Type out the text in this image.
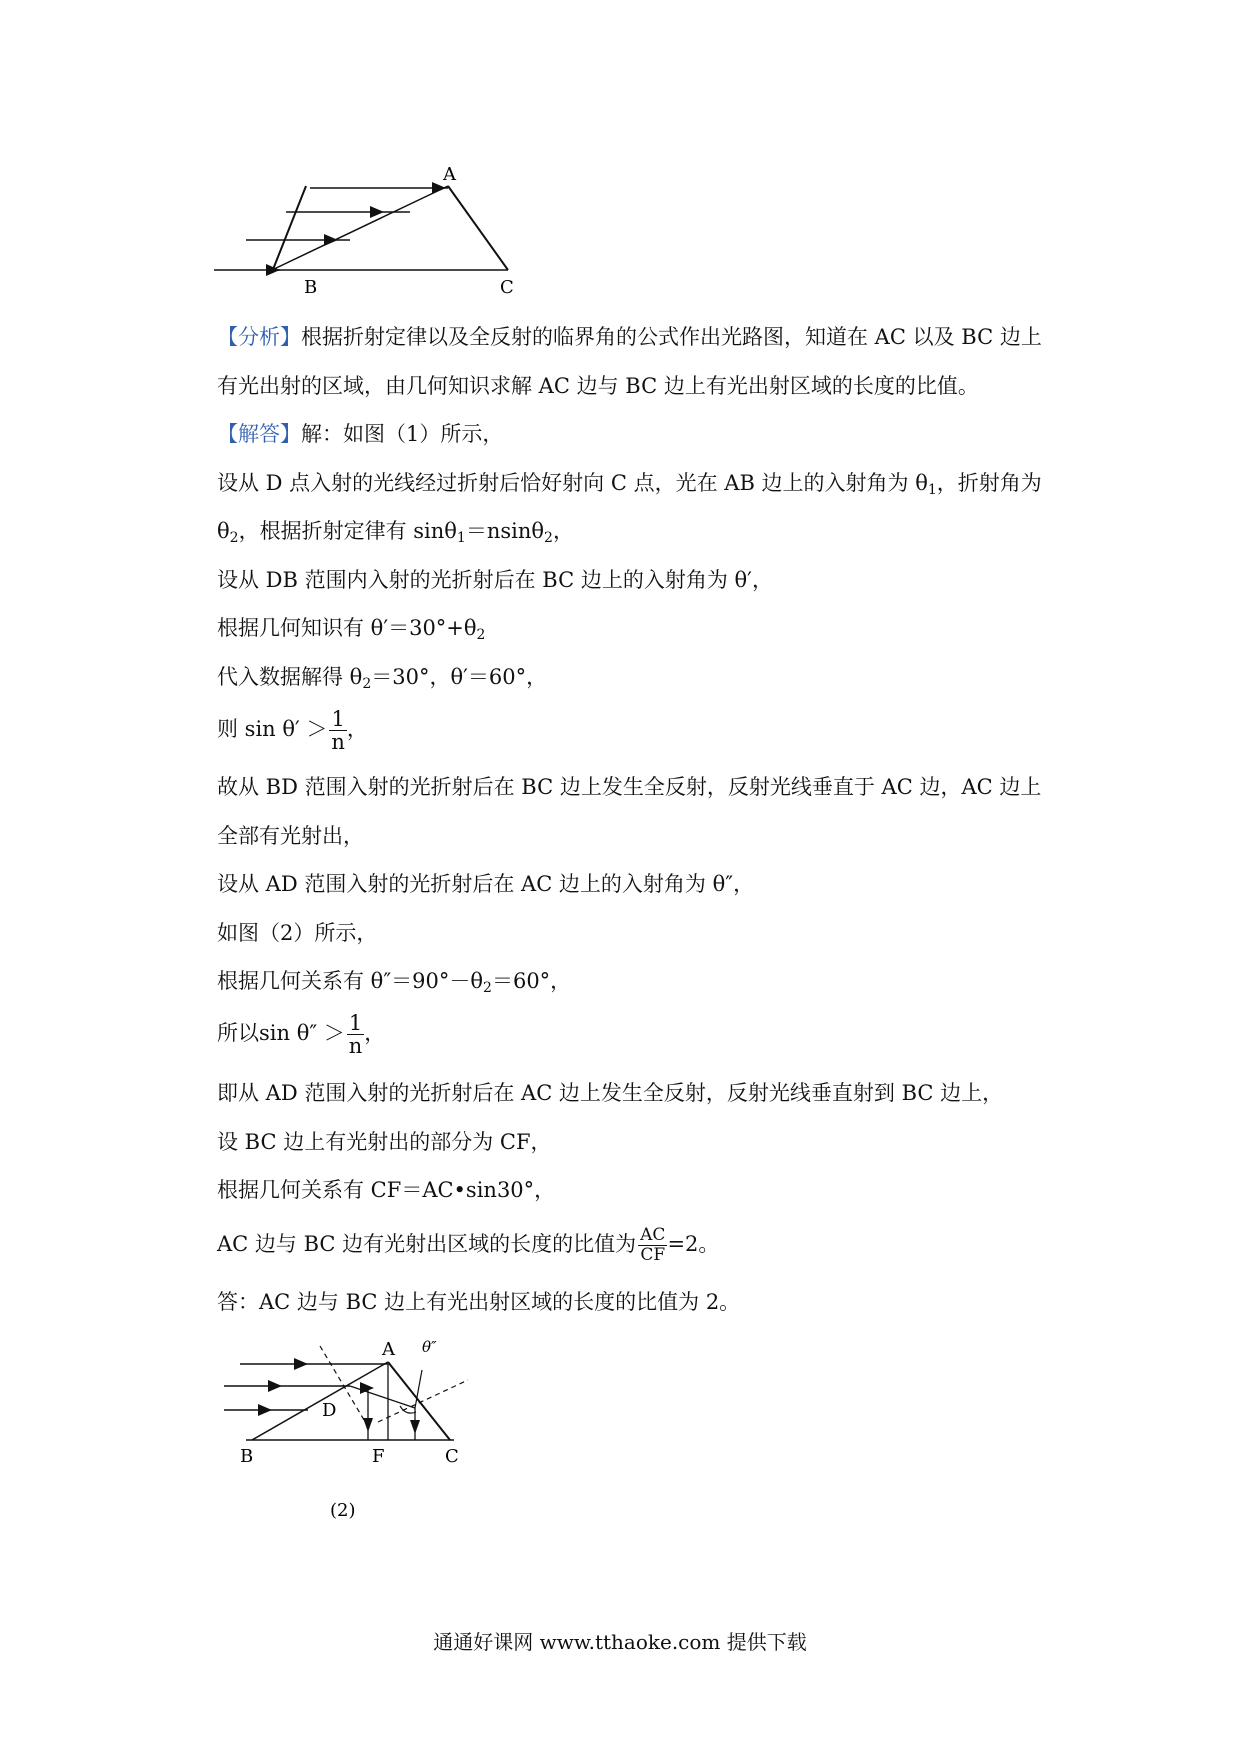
A
B	C
【分析】根据折射定律以及全反射的临界角的公式作出光路图，知道在 AC 以及 BC 边上
有光出射的区域，由几何知识求解 AC 边与 BC 边上有光出射区域的长度的比值。
【解答】解：如图（1）所示，
设从 D 点入射的光线经过折射后恰好射向 C 点，光在 AB 边上的入射角为 $\theta_1$，折射角为
$\theta_2$，根据折射定律有 sinθ$_1$＝nsinθ$_2$，
设从 DB 范围内入射的光折射后在 BC 边上的入射角为 θ′，
根据几何知识有 $\theta'=30^\circ+\theta_2$
代入数据解得 $\theta_2=30^\circ$，θ′＝60°，
则 $\sin \theta' > \frac{1}{n}$ ，
故从 BD 范围入射的光折射后在 BC 边上发生全反射，反射光线垂直于 AC 边，AC 边上
全部有光射出，
设从 AD 范围入射的光折射后在 AC 边上的入射角为 θ″，
如图（2）所示，
根据几何关系有 $\theta''=90^\circ-\theta_2=60^\circ$，
所以$\sin \theta'' > \frac{1}{n}$ ，
即从 AD 范围入射的光折射后在 AC 边上发生全反射，反射光线垂直射到 BC 边上，
设 BC 边上有光射出的部分为 CF，
根据几何关系有 CF＝AC•sin30°，
AC 边与 BC 边有光射出区域的长度的比值为 $\frac{AC}{CF} =2$。
答：AC 边与 BC 边上有光出射区域的长度的比值为 2。
A θ″
D
B	F	C
(2)
通通好课网 www.tthaoke.com 提供下载
